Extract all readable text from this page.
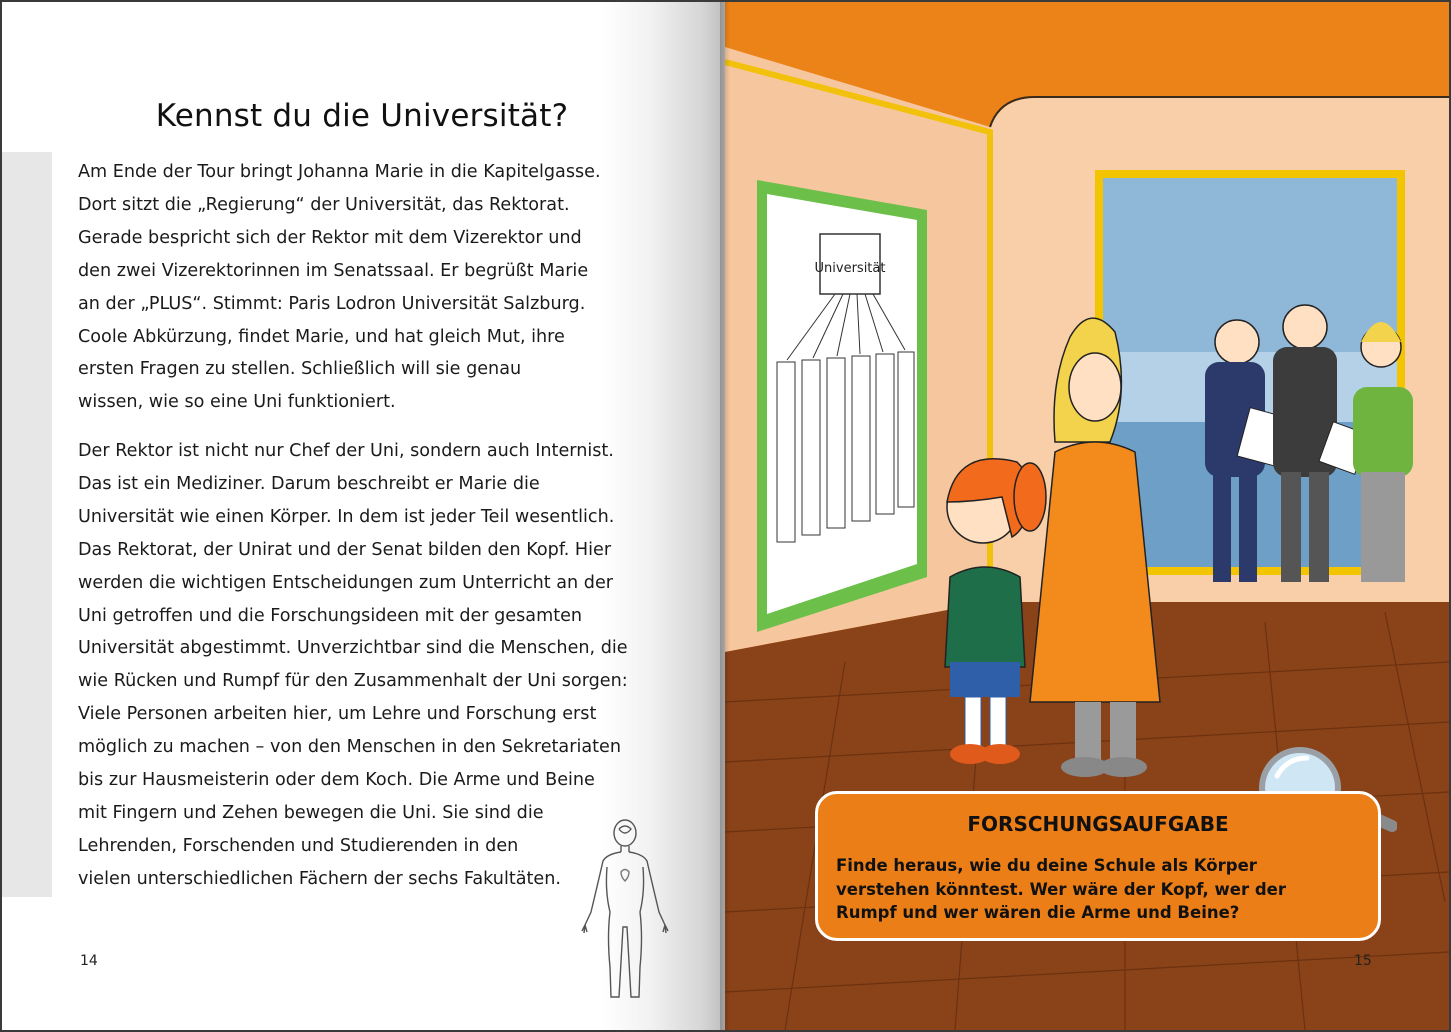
Kennst du die Universität?

Am Ende der Tour bringt Johanna Marie in die Kapitelgasse.
Dort sitzt die „Regierung“ der Universität, das Rektorat.
Gerade bespricht sich der Rektor mit dem Vizerektor und
den zwei Vizerektorinnen im Senatssaal. Er begrüßt Marie
an der „PLUS“. Stimmt: Paris Lodron Universität Salzburg.
Coole Abkürzung, findet Marie, und hat gleich Mut, ihre
ersten Fragen zu stellen. Schließlich will sie genau
wissen, wie so eine Uni funktioniert.

Der Rektor ist nicht nur Chef der Uni, sondern auch Internist.
Das ist ein Mediziner. Darum beschreibt er Marie die
Universität wie einen Körper. In dem ist jeder Teil wesentlich.
Das Rektorat, der Unirat und der Senat bilden den Kopf. Hier
werden die wichtigen Entscheidungen zum Unterricht an der
Uni getroffen und die Forschungsideen mit der gesamten
Universität abgestimmt. Unverzichtbar sind die Menschen, die
wie Rücken und Rumpf für den Zusammenhalt der Uni sorgen:
Viele Personen arbeiten hier, um Lehre und Forschung erst
möglich zu machen – von den Menschen in den Sekretariaten
bis zur Hausmeisterin oder dem Koch. Die Arme und Beine
mit Fingern und Zehen bewegen die Uni. Sie sind die
Lehrenden, Forschenden und Studierenden in den
vielen unterschiedlichen Fächern der sechs Fakultäten.

14
Universität
15
FORSCHUNGSAUFGABE

Finde heraus, wie du deine Schule als Körper
verstehen könntest. Wer wäre der Kopf, wer der
Rumpf und wer wären die Arme und Beine?
